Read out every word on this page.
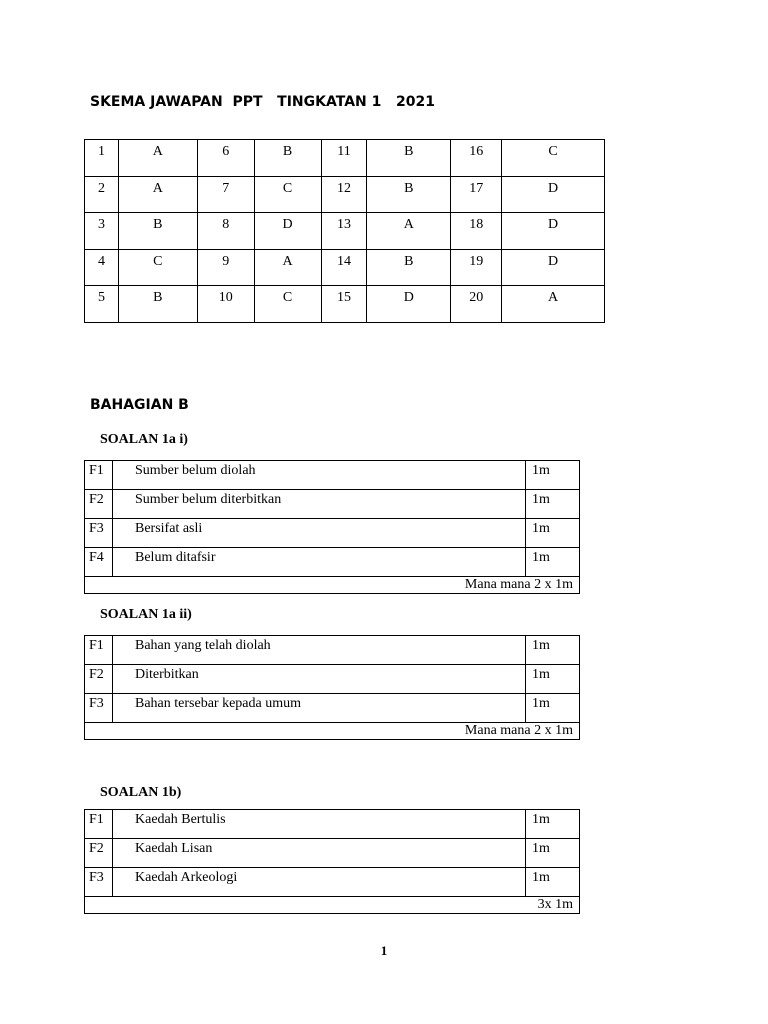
SKEMA JAWAPAN  PPT   TINGKATAN 1   2021
1	A	6	B	11	B	16	C
2	A	7	C	12	B	17	D
3	B	8	D	13	A	18	D
4	C	9	A	14	B	19	D
5	B	10	C	15	D	20	A
BAHAGIAN B
SOALAN 1a i)
F1	Sumber belum diolah	1m
F2	Sumber belum diterbitkan	1m
F3	Bersifat asli	1m
F4	Belum ditafsir	1m
Mana mana 2 x 1m		
SOALAN 1a ii)
F1	Bahan yang telah diolah	1m
F2	Diterbitkan	1m
F3	Bahan tersebar kepada umum	1m
Mana mana 2 x 1m		
SOALAN 1b)
F1	Kaedah Bertulis	1m
F2	Kaedah Lisan	1m
F3	Kaedah Arkeologi	1m
3x 1m		
1
